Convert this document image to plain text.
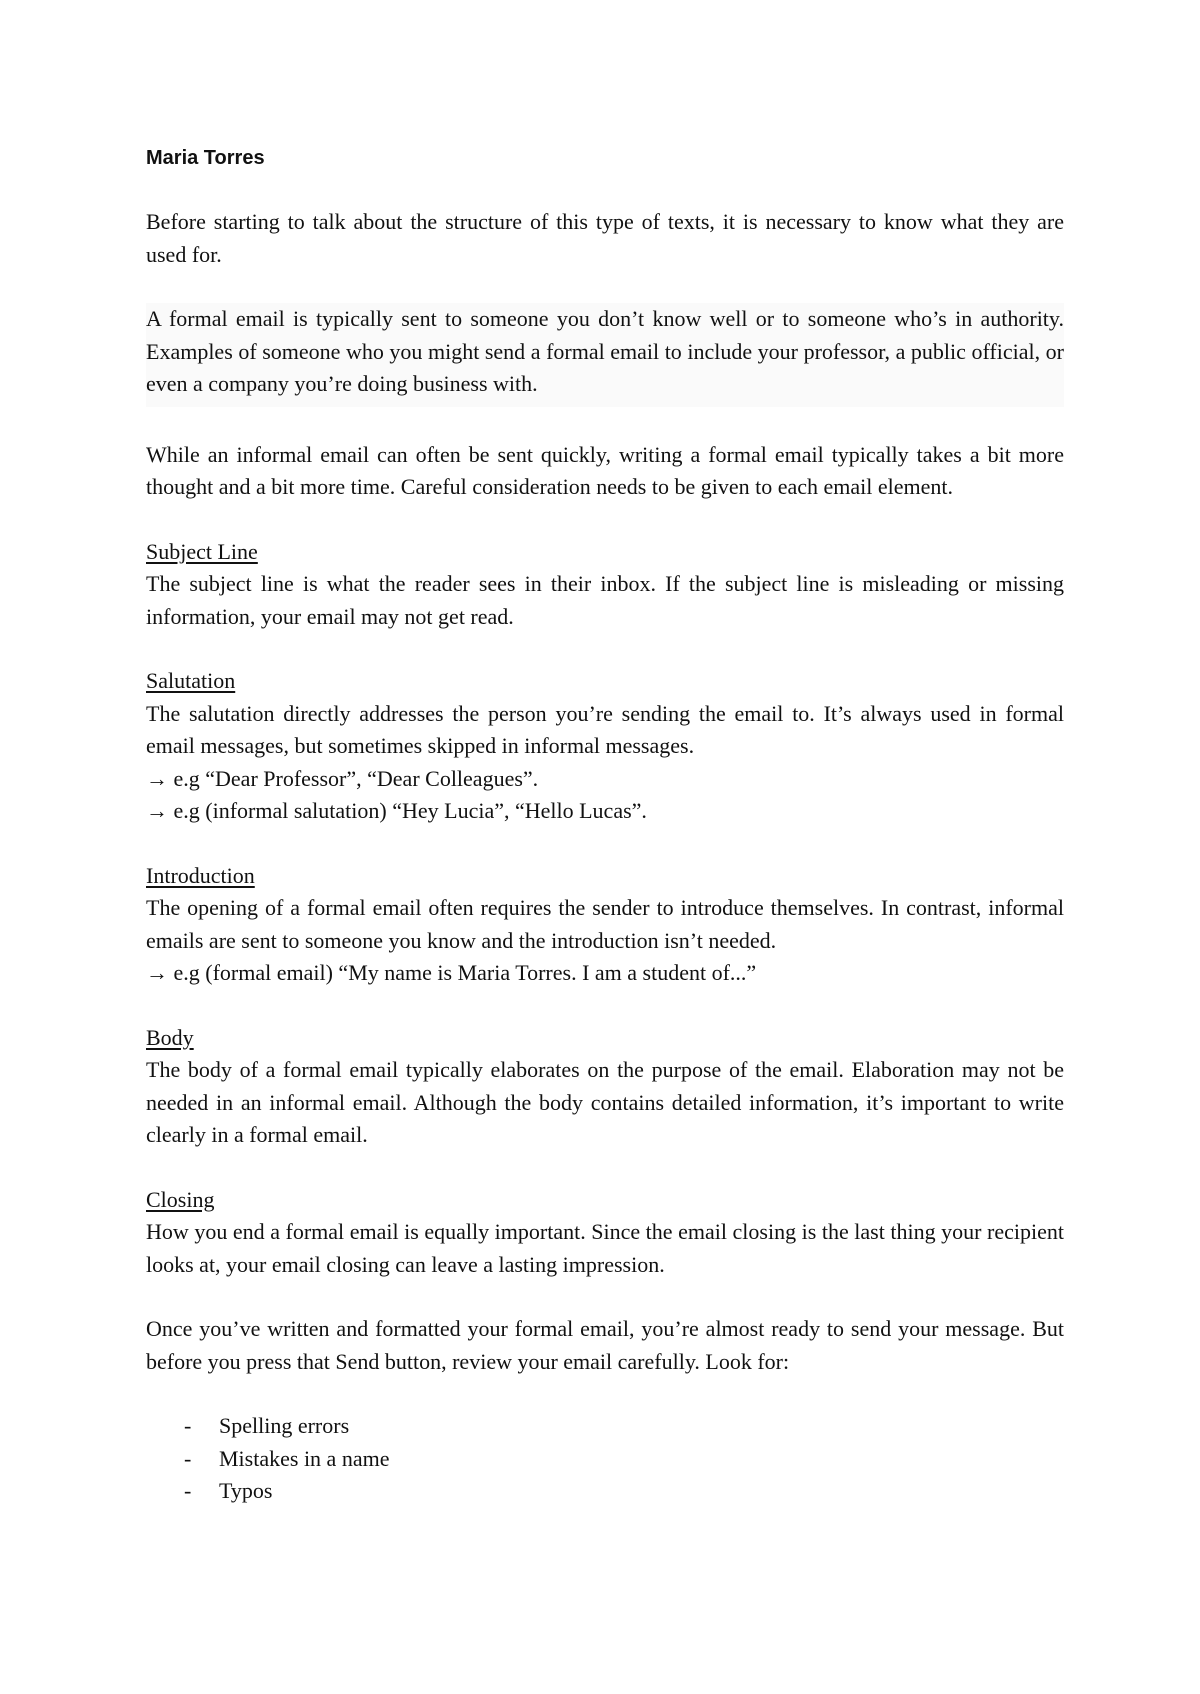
Maria Torres

Before starting to talk about the structure of this type of texts, it is necessary to know what they are used for.

A formal email is typically sent to someone you don’t know well or to someone who’s in authority. Examples of someone who you might send a formal email to include your professor, a public official, or even a company you’re doing business with.

While an informal email can often be sent quickly, writing a formal email typically takes a bit more thought and a bit more time. Careful consideration needs to be given to each email element.

Subject Line
The subject line is what the reader sees in their inbox. If the subject line is misleading or missing information, your email may not get read.
Salutation
The salutation directly addresses the person you’re sending the email to. It’s always used in formal email messages, but sometimes skipped in informal messages.
→ e.g “Dear Professor”, “Dear Colleagues”.
→ e.g (informal salutation) “Hey Lucia”, “Hello Lucas”.
Introduction
The opening of a formal email often requires the sender to introduce themselves. In contrast, informal emails are sent to someone you know and the introduction isn’t needed.
→ e.g (formal email) “My name is Maria Torres. I am a student of...”
Body
The body of a formal email typically elaborates on the purpose of the email. Elaboration may not be needed in an informal email. Although the body contains detailed information, it’s important to write clearly in a formal email.
Closing
How you end a formal email is equally important. Since the email closing is the last thing your recipient looks at, your email closing can leave a lasting impression.

Once you’ve written and formatted your formal email, you’re almost ready to send your message. But before you press that Send button, review your email carefully. Look for:

- Spelling errors
- Mistakes in a name
- Typos
